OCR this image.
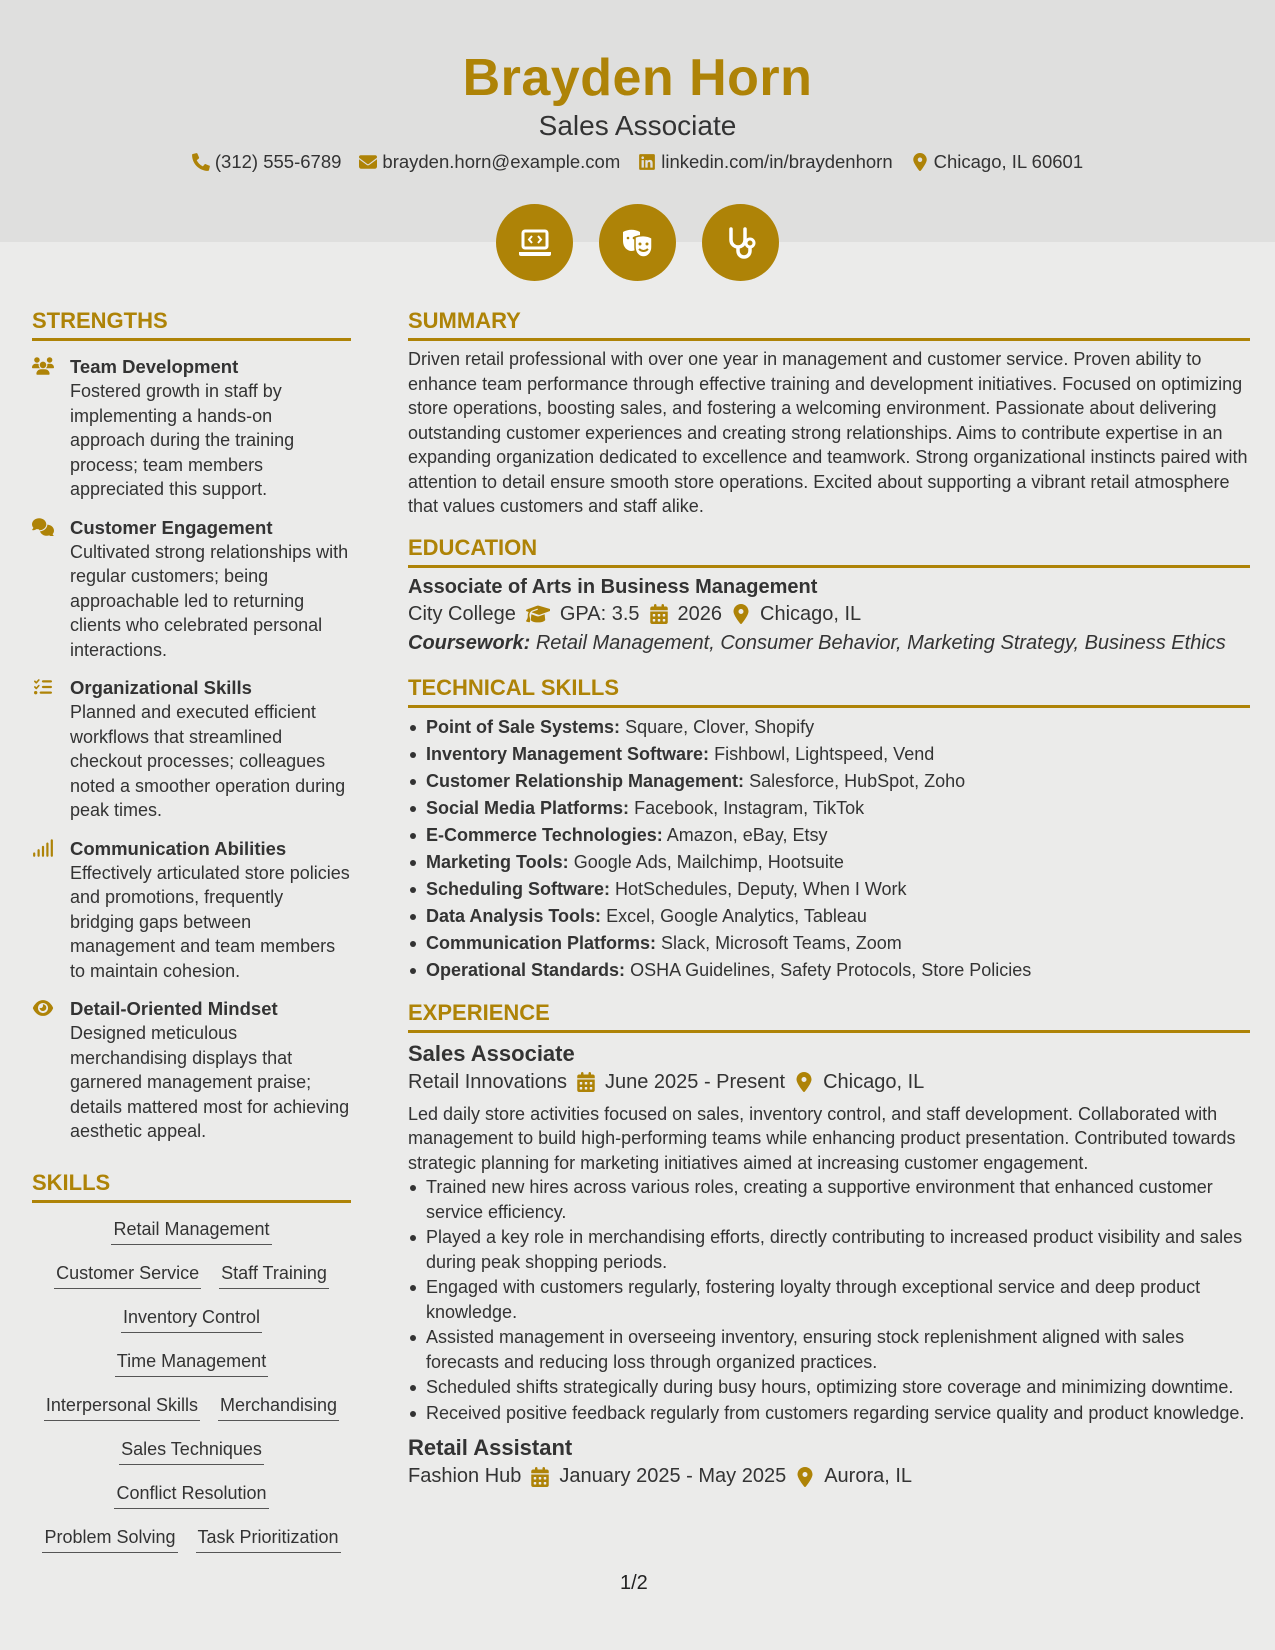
Brayden Horn
Sales Associate
(312) 555-6789 brayden.horn@example.com linkedin.com/in/braydenhorn Chicago, IL 60601
STRENGTHS
Team Development
Fostered growth in staff by implementing a hands-on approach during the training process; team members appreciated this support.
Customer Engagement
Cultivated strong relationships with regular customers; being approachable led to returning clients who celebrated personal interactions.
Organizational Skills
Planned and executed efficient workflows that streamlined checkout processes; colleagues noted a smoother operation during peak times.
Communication Abilities
Effectively articulated store policies and promotions, frequently bridging gaps between management and team members to maintain cohesion.
Detail-Oriented Mindset
Designed meticulous merchandising displays that garnered management praise; details mattered most for achieving aesthetic appeal.
SKILLS
Retail Management
Customer Service Staff Training
Inventory Control
Time Management
Interpersonal Skills Merchandising
Sales Techniques
Conflict Resolution
Problem Solving Task Prioritization
SUMMARY
Driven retail professional with over one year in management and customer service. Proven ability to enhance team performance through effective training and development initiatives. Focused on optimizing store operations, boosting sales, and fostering a welcoming environment. Passionate about delivering outstanding customer experiences and creating strong relationships. Aims to contribute expertise in an expanding organization dedicated to excellence and teamwork. Strong organizational instincts paired with attention to detail ensure smooth store operations. Excited about supporting a vibrant retail atmosphere that values customers and staff alike.
EDUCATION
Associate of Arts in Business Management
City College GPA: 3.5 2026 Chicago, IL
Coursework: Retail Management, Consumer Behavior, Marketing Strategy, Business Ethics
TECHNICAL SKILLS
Point of Sale Systems: Square, Clover, Shopify
Inventory Management Software: Fishbowl, Lightspeed, Vend
Customer Relationship Management: Salesforce, HubSpot, Zoho
Social Media Platforms: Facebook, Instagram, TikTok
E-Commerce Technologies: Amazon, eBay, Etsy
Marketing Tools: Google Ads, Mailchimp, Hootsuite
Scheduling Software: HotSchedules, Deputy, When I Work
Data Analysis Tools: Excel, Google Analytics, Tableau
Communication Platforms: Slack, Microsoft Teams, Zoom
Operational Standards: OSHA Guidelines, Safety Protocols, Store Policies
EXPERIENCE
Sales Associate
Retail Innovations June 2025 - Present Chicago, IL
Led daily store activities focused on sales, inventory control, and staff development. Collaborated with management to build high-performing teams while enhancing product presentation. Contributed towards strategic planning for marketing initiatives aimed at increasing customer engagement.
Trained new hires across various roles, creating a supportive environment that enhanced customer service efficiency.
Played a key role in merchandising efforts, directly contributing to increased product visibility and sales during peak shopping periods.
Engaged with customers regularly, fostering loyalty through exceptional service and deep product knowledge.
Assisted management in overseeing inventory, ensuring stock replenishment aligned with sales forecasts and reducing loss through organized practices.
Scheduled shifts strategically during busy hours, optimizing store coverage and minimizing downtime.
Received positive feedback regularly from customers regarding service quality and product knowledge.
Retail Assistant
Fashion Hub January 2025 - May 2025 Aurora, IL
1/2
